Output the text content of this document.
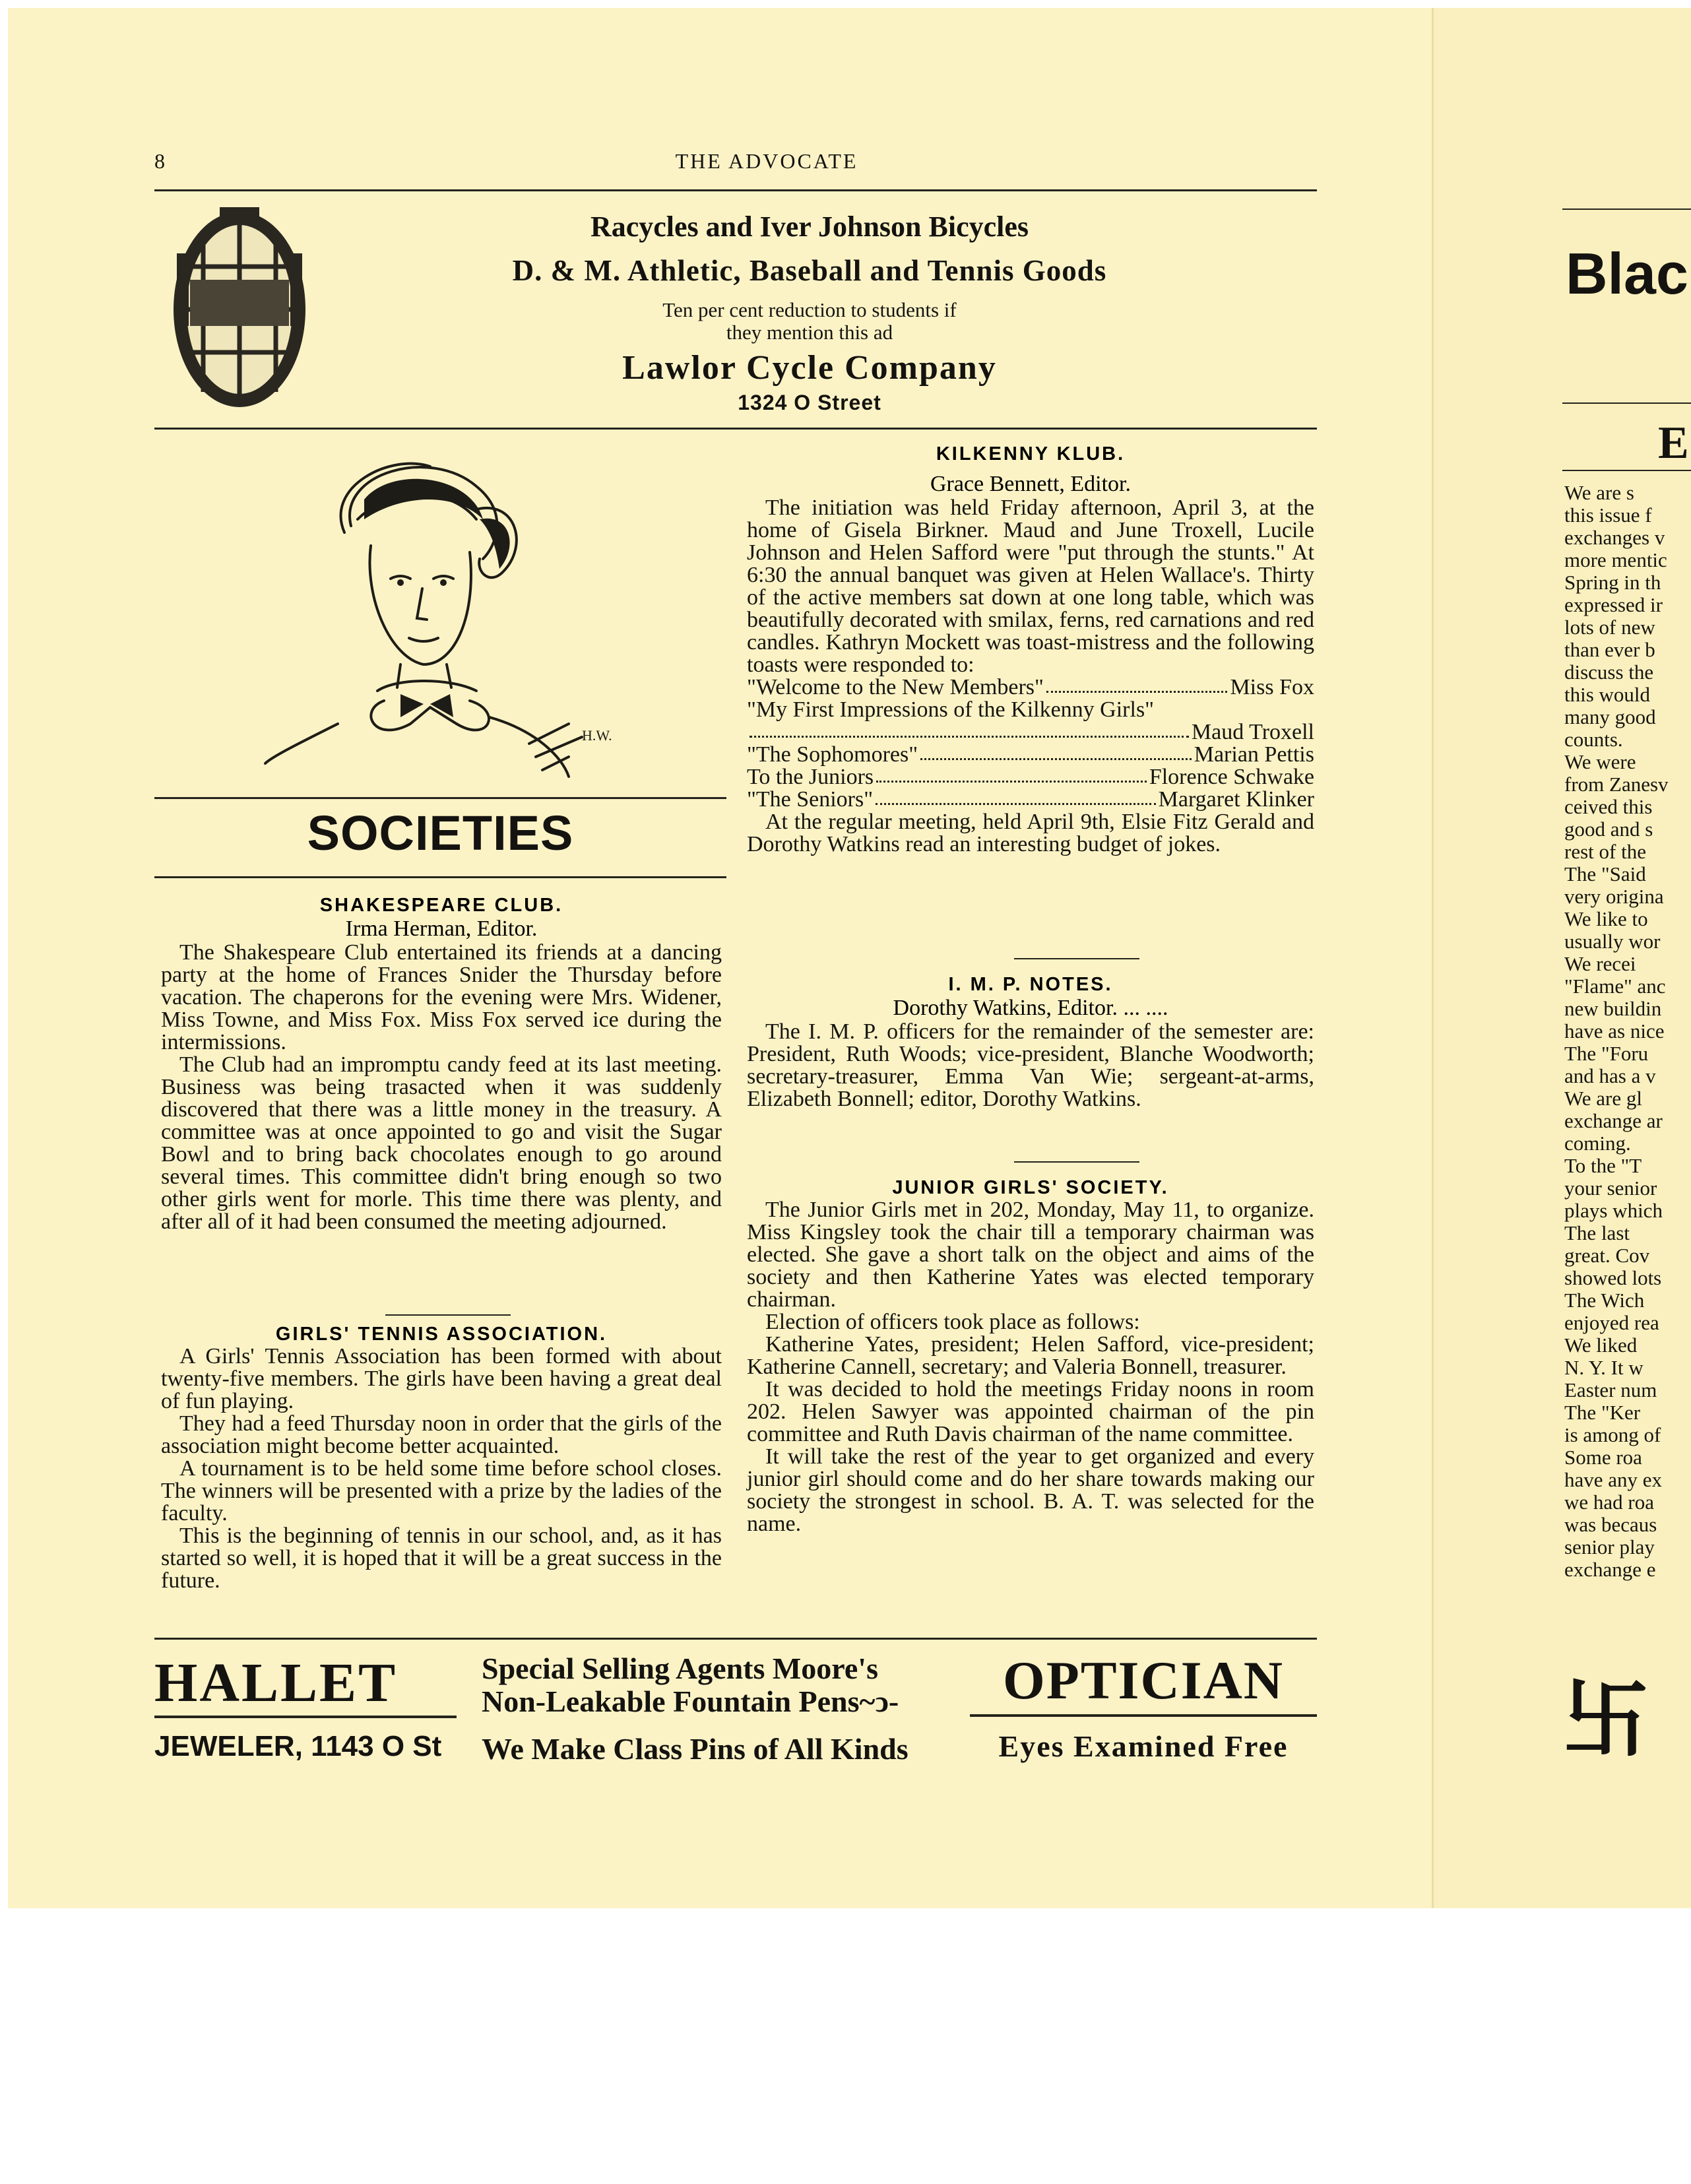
8	THE ADVOCATE
Racycles and Iver Johnson Bicycles
D. & M. Athletic, Baseball and Tennis Goods
Ten per cent reduction to students if
they mention this ad
Lawlor Cycle Company
1324 O Street
H.W.
SOCIETIES
SHAKESPEARE CLUB.
Irma Herman, Editor.

The Shakespeare Club entertained its friends at a dancing party at the home of Frances Snider the Thursday before vacation. The chaperons for the evening were Mrs. Widener, Miss Towne, and Miss Fox. Miss Fox served ice during the intermissions.

The Club had an impromptu candy feed at its last meeting. Business was being trasacted when it was suddenly discovered that there was a little money in the treasury. A committee was at once appointed to go and visit the Sugar Bowl and to bring back chocolates enough to go around several times. This committee didn't bring enough so two other girls went for morle. This time there was plenty, and after all of it had been consumed the meeting adjourned.

GIRLS' TENNIS ASSOCIATION.

A Girls' Tennis Association has been formed with about twenty-five members. The girls have been having a great deal of fun playing.

They had a feed Thursday noon in order that the girls of the association might become better acquainted.

A tournament is to be held some time before school closes. The winners will be presented with a prize by the ladies of the faculty.

This is the beginning of tennis in our school, and, as it has started so well, it is hoped that it will be a great success in the future.

KILKENNY KLUB.
Grace Bennett, Editor.

The initiation was held Friday afternoon, April 3, at the home of Gisela Birkner. Maud and June Troxell, Lucile Johnson and Helen Safford were "put through the stunts." At 6:30 the annual banquet was given at Helen Wallace's. Thirty of the active members sat down at one long table, which was beautifully decorated with smilax, ferns, red carnations and red candles. Kathryn Mockett was toast-mistress and the following toasts were responded to:

"Welcome to the New Members"	Miss Fox
"My First Impressions of the Kilkenny Girls"
Maud Troxell
"The Sophomores"	Marian Pettis
To the Juniors	Florence Schwake
"The Seniors"	Margaret Klinker

At the regular meeting, held April 9th, Elsie Fitz Gerald and Dorothy Watkins read an interesting budget of jokes.

I. M. P. NOTES.
Dorothy Watkins, Editor. ... ....

The I. M. P. officers for the remainder of the semester are: President, Ruth Woods; vice-president, Blanche Woodworth; secretary-treasurer, Emma Van Wie; sergeant-at-arms, Elizabeth Bonnell; editor, Dorothy Watkins.

JUNIOR GIRLS' SOCIETY.

The Junior Girls met in 202, Monday, May 11, to organize. Miss Kingsley took the chair till a temporary chairman was elected. She gave a short talk on the object and aims of the society and then Katherine Yates was elected temporary chairman.

Election of officers took place as follows:

Katherine Yates, president; Helen Safford, vice-president; Katherine Cannell, secretary; and Valeria Bonnell, treasurer.

It was decided to hold the meetings Friday noons in room 202. Helen Sawyer was appointed chairman of the pin committee and Ruth Davis chairman of the name committee.

It will take the rest of the year to get organized and every junior girl should come and do her share towards making our society the strongest in school. B. A. T. was selected for the name.

HALLET
JEWELER, 1143 O St
Special Selling Agents Moore's
Non-Leakable Fountain Pens~ↄ-
We Make Class Pins of All Kinds
OPTICIAN
Eyes Examined Free
Blac
E
We are s
this issue f
exchanges v
more mentic
Spring in th
expressed ir
lots of new
than ever b
discuss the
this would
many good
counts.
We were
from Zanesv
ceived this
good and s
rest of the
The "Said
very origina
We like to
usually wor
We recei
"Flame" anc
new buildin
have as nice
The "Foru
and has a v
We are gl
exchange ar
coming.
To the "T
your senior
plays which
The last
great. Cov
showed lots
The Wich
enjoyed rea
We liked
N. Y. It w
Easter num
The "Ker
is among of
Some roa
have any ex
we had roa
was becaus
senior play
exchange e
卐
